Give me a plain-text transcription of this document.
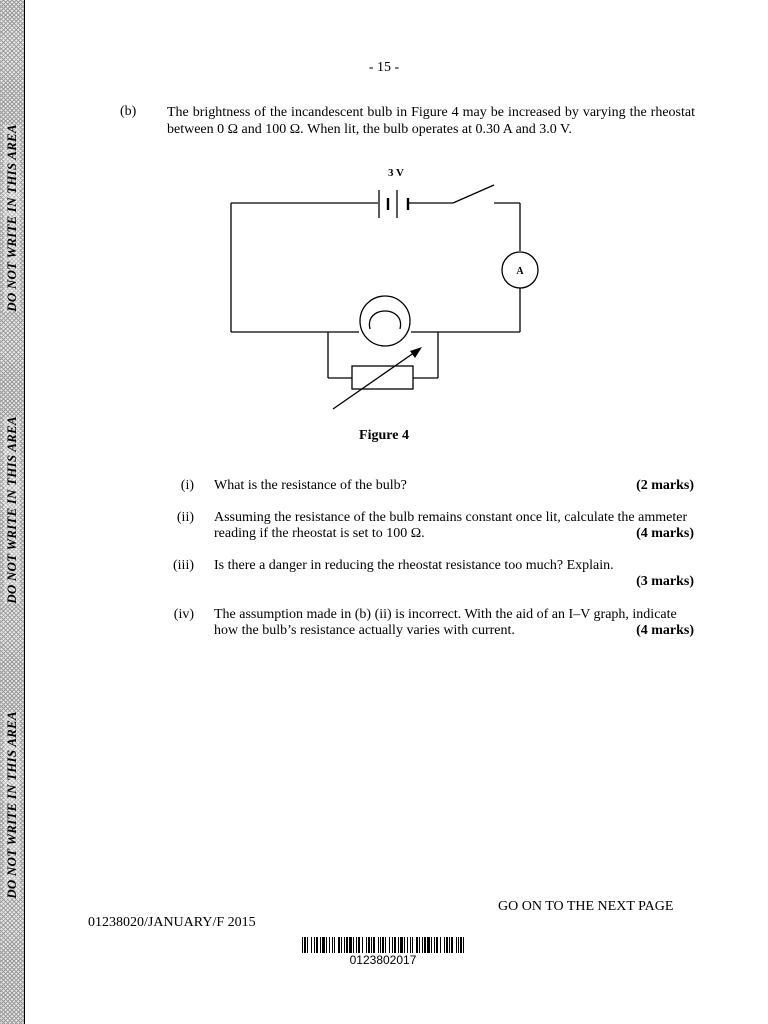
DO NOT WRITE IN THIS AREA
DO NOT WRITE IN THIS AREA
DO NOT WRITE IN THIS AREA
- 15 -
(b) The brightness of the incandescent bulb in Figure 4 may be increased by varying the rheostat between 0 Ω and 100 Ω. When lit, the bulb operates at 0.30 A and 3.0 V.
3 V
A
Figure 4
(i) What is the resistance of the bulb?	(2 marks)
(ii) Assuming the resistance of the bulb remains constant once lit, calculate the ammeter reading if the rheostat is set to 100 Ω.	(4 marks)
(iii) Is there a danger in reducing the rheostat resistance too much? Explain.
(3 marks)
(iv) The assumption made in (b) (ii) is incorrect. With the aid of an I–V graph, indicate how the bulb’s resistance actually varies with current.	(4 marks)
GO ON TO THE NEXT PAGE
01238020/JANUARY/F 2015
0123802017
